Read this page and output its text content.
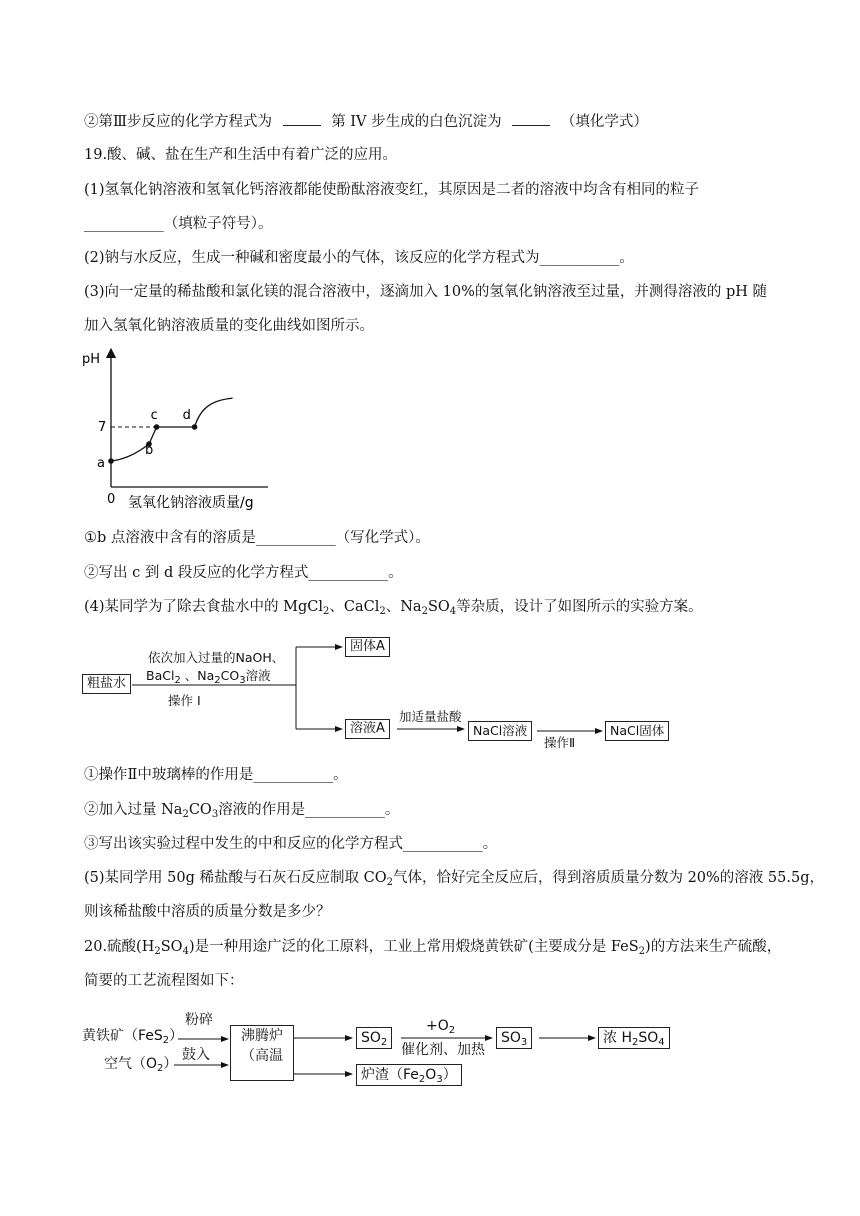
②第Ⅲ步反应的化学方程式为	第 IV 步生成的白色沉淀为	（填化学式）
19.酸、碱、盐在生产和生活中有着广泛的应用。
(1)氢氧化钠溶液和氢氧化钙溶液都能使酚酞溶液变红，其原因是二者的溶液中均含有相同的粒子
___________（填粒子符号）。
(2)钠与水反应，生成一种碱和密度最小的气体，该反应的化学方程式为___________。
(3)向一定量的稀盐酸和氯化镁的混合溶液中，逐滴加入 10%的氢氧化钠溶液至过量，并测得溶液的 pH 随
加入氢氧化钠溶液质量的变化曲线如图所示。
pH
7
0 氢氧化钠溶液质量/g
a
b
c d
①b 点溶液中含有的溶质是___________（写化学式）。
②写出 c 到 d 段反应的化学方程式___________。
(4)某同学为了除去食盐水中的 MgCl$_2$、CaCl$_2$、$Na_2SO_4$等杂质，设计了如图所示的实验方案。
粗盐水
依次加入过量的NaOH、
BaCl$_2$ 、$Na_2CO_3$溶液
操作 I
固体A
溶液A
加适量盐酸
NaCl溶液
操作Ⅱ
NaCl固体
①操作Ⅱ中玻璃棒的作用是___________。
②加入过量 $Na_2CO_3$溶液的作用是___________。
③写出该实验过程中发生的中和反应的化学方程式___________。
(5)某同学用 50g 稀盐酸与石灰石反应制取 $CO_2$气体，恰好完全反应后，得到溶质质量分数为 20%的溶液 55.5g，
则该稀盐酸中溶质的质量分数是多少？
20.硫酸$(H_2SO_4)$是一种用途广泛的化工原料，工业上常用煅烧黄铁矿(主要成分是 FeS$_2$)的方法来生产硫酸，
简要的工艺流程图如下：
黄铁矿（FeS$_2$）
粉碎
空气$(O_2)$
鼓入
沸腾炉
（高温
$SO_2$
$+O_2$
催化剂、加热
$SO_3$	浓 $H_2SO_4$
炉渣$(Fe_2O_3)$
